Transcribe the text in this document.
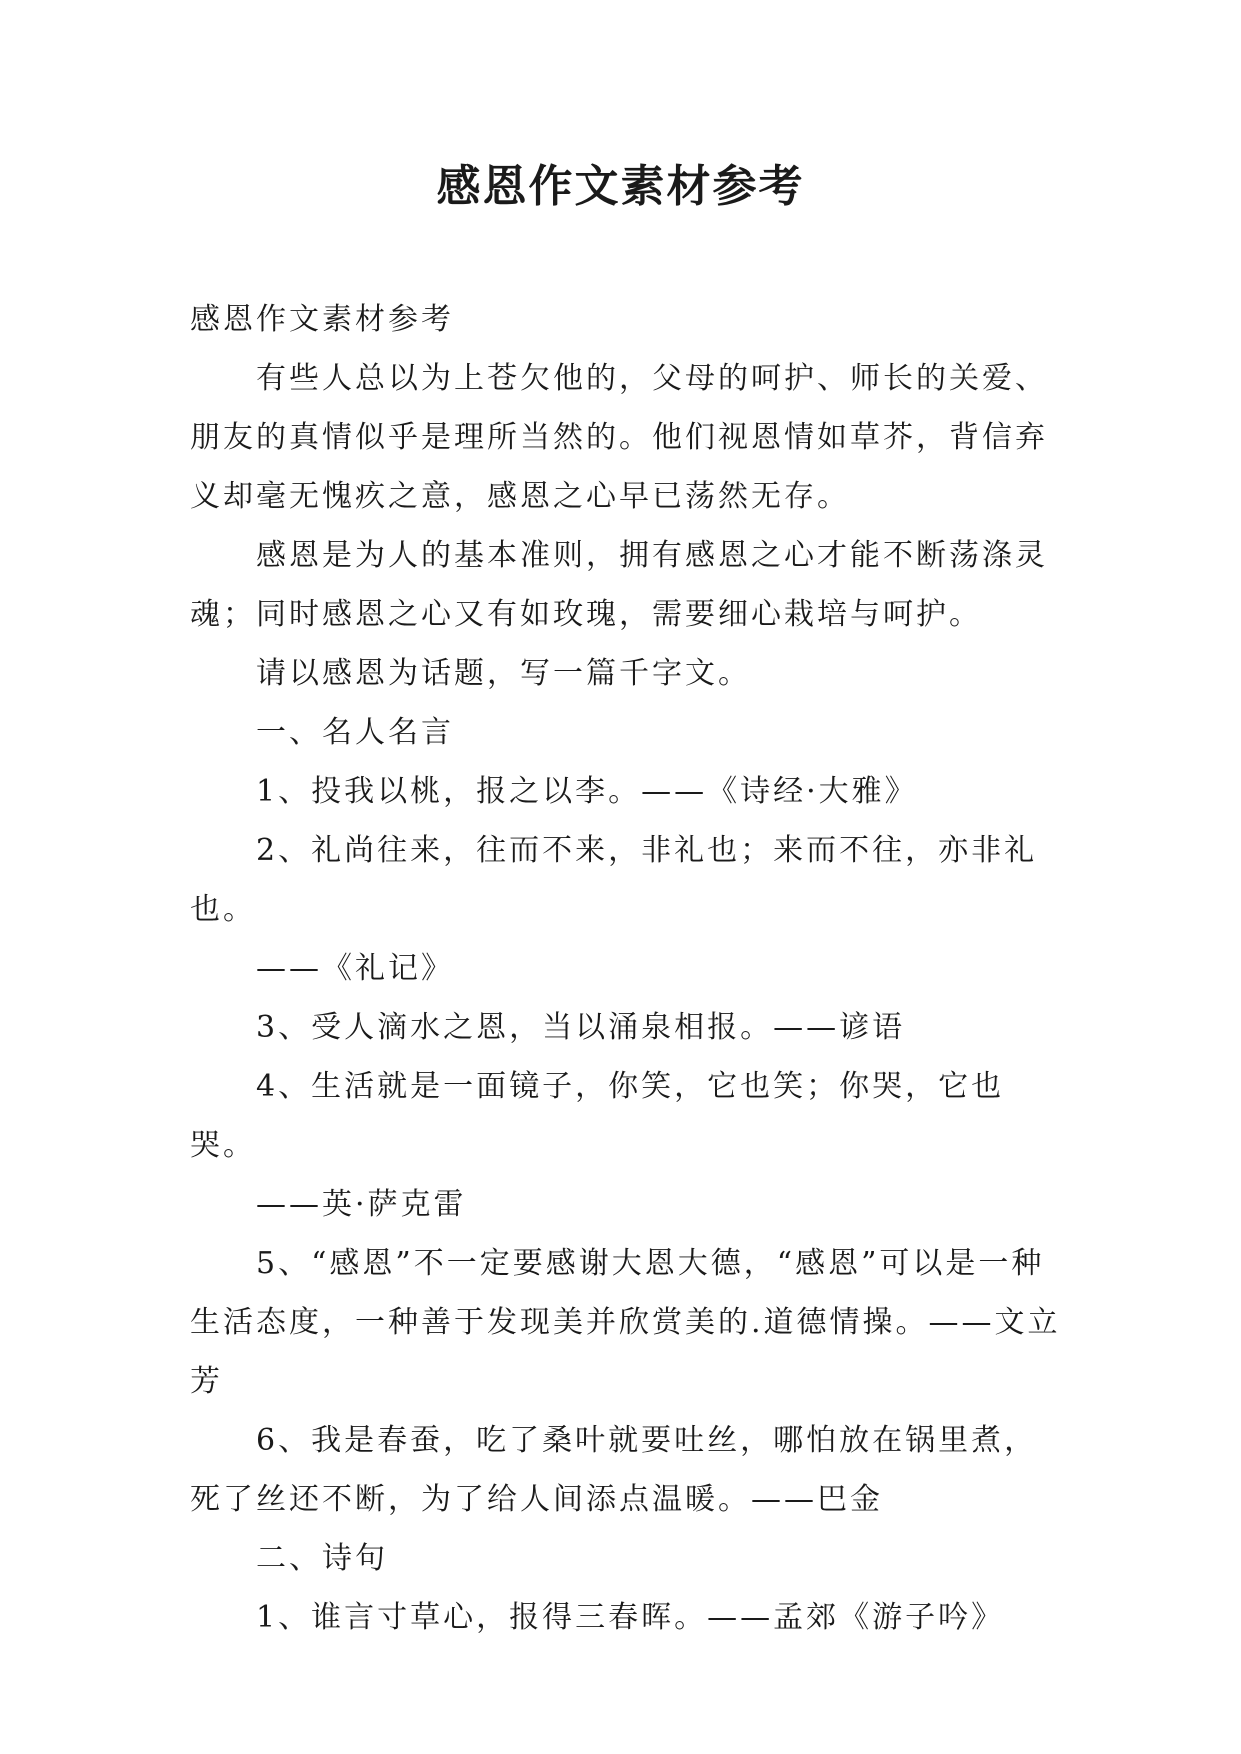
感恩作文素材参考

感恩作文素材参考

有些人总以为上苍欠他的，父母的呵护、师长的关爱、朋友的真情似乎是理所当然的。他们视恩情如草芥，背信弃义却毫无愧疚之意，感恩之心早已荡然无存。

感恩是为人的基本准则，拥有感恩之心才能不断荡涤灵魂；同时感恩之心又有如玫瑰，需要细心栽培与呵护。

请以感恩为话题，写一篇千字文。

一、名人名言

1、投我以桃，报之以李。——《诗经·大雅》

2、礼尚往来，往而不来，非礼也；来而不往，亦非礼也。

——《礼记》

3、受人滴水之恩，当以涌泉相报。——谚语

4、生活就是一面镜子，你笑，它也笑；你哭，它也哭。

——英·萨克雷

5、“感恩”不一定要感谢大恩大德，“感恩”可以是一种生活态度，一种善于发现美并欣赏美的.道德情操。——文立芳

6、我是春蚕，吃了桑叶就要吐丝，哪怕放在锅里煮，死了丝还不断，为了给人间添点温暖。——巴金

二、诗句

1、谁言寸草心，报得三春晖。——孟郊《游子吟》
